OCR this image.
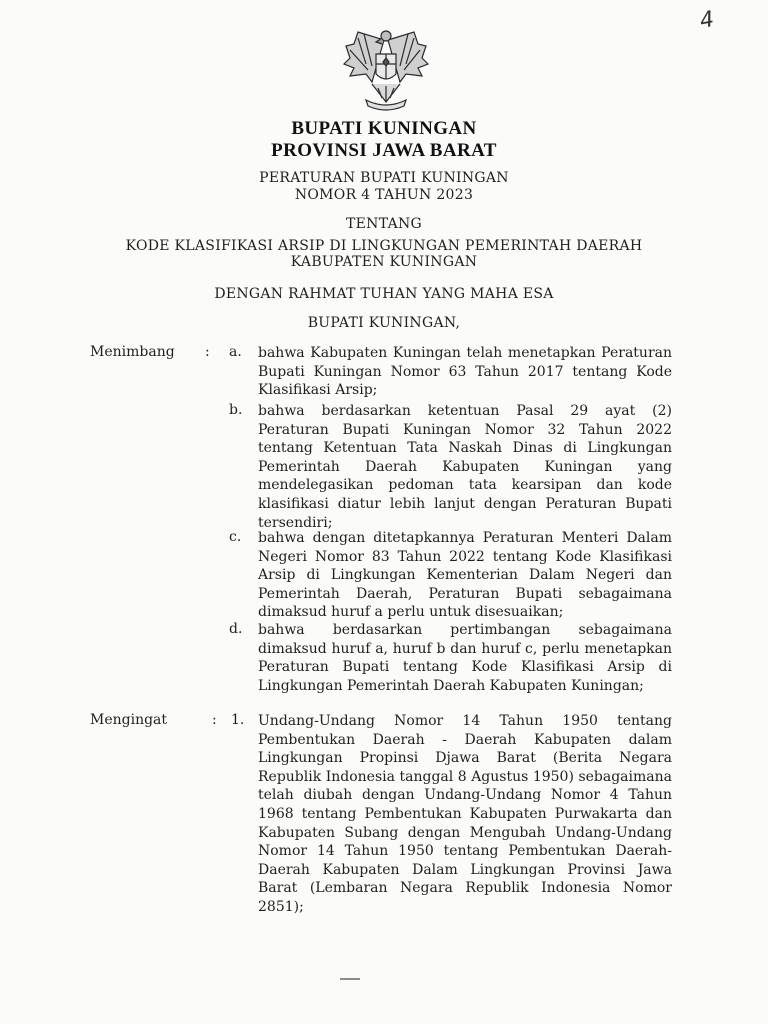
4
BUPATI KUNINGAN
PROVINSI JAWA BARAT
PERATURAN BUPATI KUNINGAN
NOMOR 4 TAHUN 2023
TENTANG
KODE KLASIFIKASI ARSIP DI LINGKUNGAN PEMERINTAH DAERAH
KABUPATEN KUNINGAN
DENGAN RAHMAT TUHAN YANG MAHA ESA
BUPATI KUNINGAN,
Menimbang : a. bahwa Kabupaten Kuningan telah menetapkan Peraturan Bupati Kuningan Nomor 63 Tahun 2017 tentang Kode Klasifikasi Arsip;
b. bahwa berdasarkan ketentuan Pasal 29 ayat (2) Peraturan Bupati Kuningan Nomor 32 Tahun 2022 tentang Ketentuan Tata Naskah Dinas di Lingkungan Pemerintah Daerah Kabupaten Kuningan yang mendelegasikan pedoman tata kearsipan dan kode klasifikasi diatur lebih lanjut dengan Peraturan Bupati tersendiri;
c. bahwa dengan ditetapkannya Peraturan Menteri Dalam Negeri Nomor 83 Tahun 2022 tentang Kode Klasifikasi Arsip di Lingkungan Kementerian Dalam Negeri dan Pemerintah Daerah, Peraturan Bupati sebagaimana dimaksud huruf a perlu untuk disesuaikan;
d. bahwa berdasarkan pertimbangan sebagaimana dimaksud huruf a, huruf b dan huruf c, perlu menetapkan Peraturan Bupati tentang Kode Klasifikasi Arsip di Lingkungan Pemerintah Daerah Kabupaten Kuningan;
Mengingat	: 1. Undang-Undang Nomor 14 Tahun 1950 tentang Pembentukan Daerah - Daerah Kabupaten dalam Lingkungan Propinsi Djawa Barat (Berita Negara Republik Indonesia tanggal 8 Agustus 1950) sebagaimana telah diubah dengan Undang-Undang Nomor 4 Tahun 1968 tentang Pembentukan Kabupaten Purwakarta dan Kabupaten Subang dengan Mengubah Undang-Undang Nomor 14 Tahun 1950 tentang Pembentukan Daerah-Daerah Kabupaten Dalam Lingkungan Provinsi Jawa Barat (Lembaran Negara Republik Indonesia Nomor 2851);
